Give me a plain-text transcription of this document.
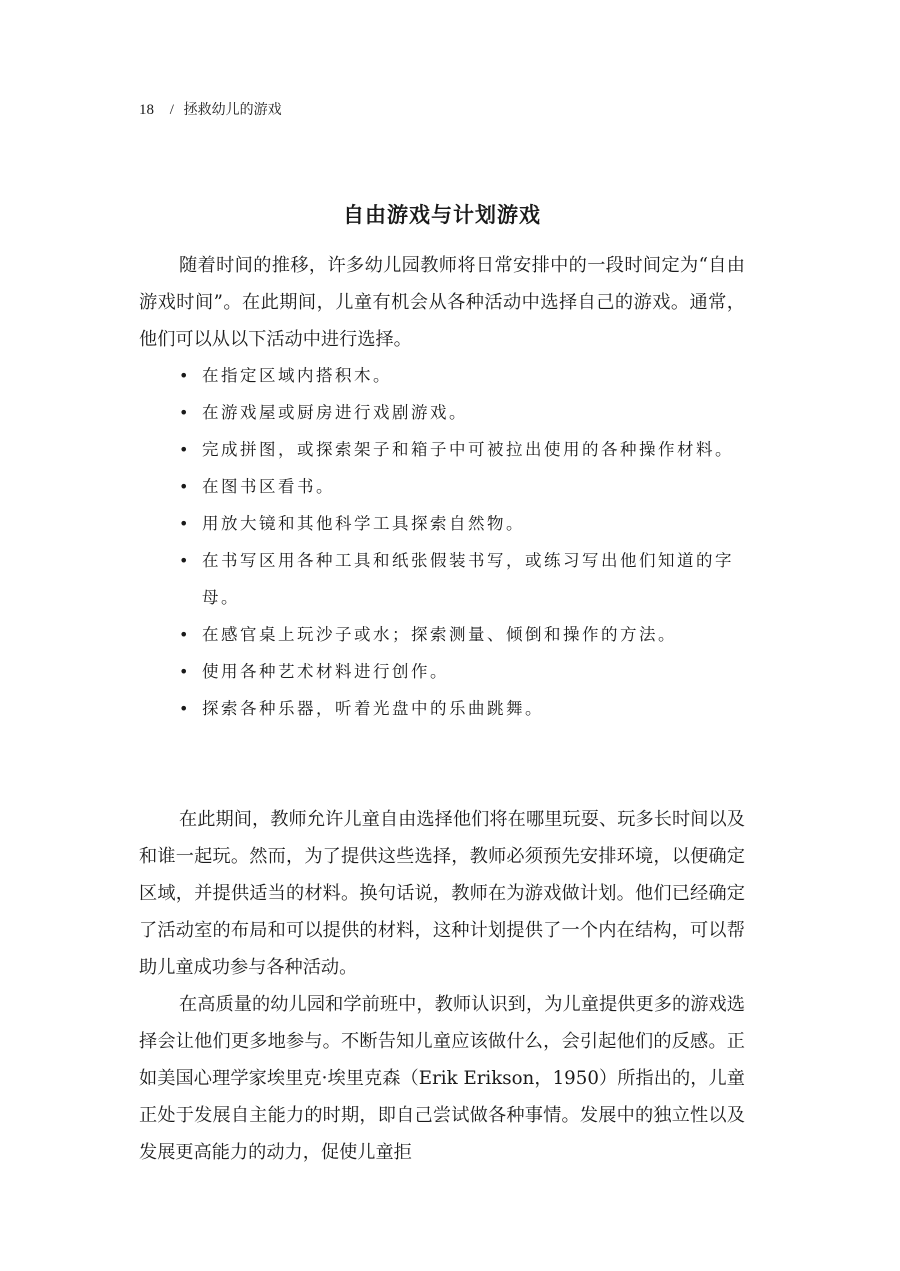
18 / 拯救幼儿的游戏
自由游戏与计划游戏

随着时间的推移，许多幼儿园教师将日常安排中的一段时间定为“自由游戏时间”。在此期间，儿童有机会从各种活动中选择自己的游戏。通常，他们可以从以下活动中进行选择。

• 在指定区域内搭积木。
• 在游戏屋或厨房进行戏剧游戏。
• 完成拼图，或探索架子和箱子中可被拉出使用的各种操作材料。
• 在图书区看书。
• 用放大镜和其他科学工具探索自然物。
• 在书写区用各种工具和纸张假装书写，或练习写出他们知道的字母。
• 在感官桌上玩沙子或水；探索测量、倾倒和操作的方法。
• 使用各种艺术材料进行创作。
• 探索各种乐器，听着光盘中的乐曲跳舞。

在此期间，教师允许儿童自由选择他们将在哪里玩耍、玩多长时间以及和谁一起玩。然而，为了提供这些选择，教师必须预先安排环境，以便确定区域，并提供适当的材料。换句话说，教师在为游戏做计划。他们已经确定了活动室的布局和可以提供的材料，这种计划提供了一个内在结构，可以帮助儿童成功参与各种活动。

在高质量的幼儿园和学前班中，教师认识到，为儿童提供更多的游戏选择会让他们更多地参与。不断告知儿童应该做什么，会引起他们的反感。正如美国心理学家埃里克·埃里克森（Erik Erikson，1950）所指出的，儿童正处于发展自主能力的时期，即自己尝试做各种事情。发展中的独立性以及发展更高能力的动力，促使儿童拒
